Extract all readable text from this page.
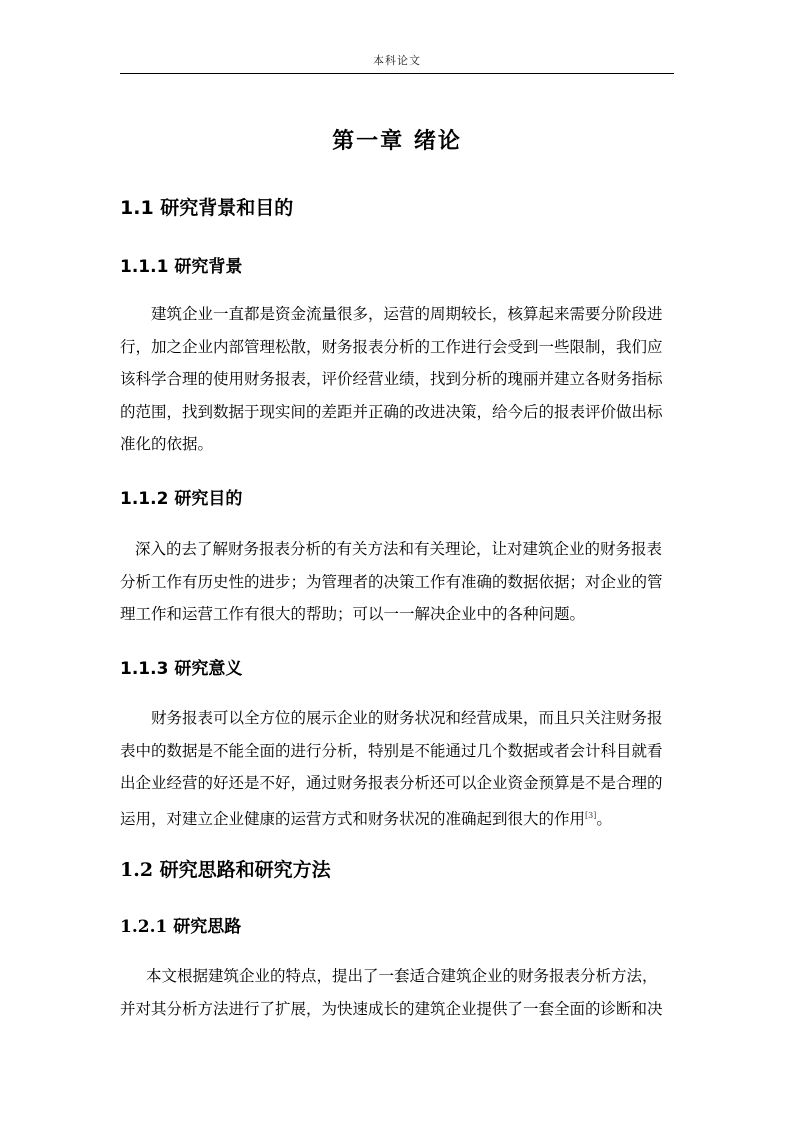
本科论文
第一章 绪论
1.1 研究背景和目的
1.1.1 研究背景
建筑企业一直都是资金流量很多，运营的周期较长，核算起来需要分阶段进
行，加之企业内部管理松散，财务报表分析的工作进行会受到一些限制，我们应
该科学合理的使用财务报表，评价经营业绩，找到分析的瑰丽并建立各财务指标
的范围，找到数据于现实间的差距并正确的改进决策，给今后的报表评价做出标
准化的依据。
1.1.2 研究目的
深入的去了解财务报表分析的有关方法和有关理论，让对建筑企业的财务报表
分析工作有历史性的进步；为管理者的决策工作有准确的数据依据；对企业的管
理工作和运营工作有很大的帮助；可以一一解决企业中的各种问题。
1.1.3 研究意义
财务报表可以全方位的展示企业的财务状况和经营成果，而且只关注财务报
表中的数据是不能全面的进行分析，特别是不能通过几个数据或者会计科目就看
出企业经营的好还是不好，通过财务报表分析还可以企业资金预算是不是合理的
运用，对建立企业健康的运营方式和财务状况的准确起到很大的作用[3]。
1.2 研究思路和研究方法
1.2.1 研究思路
本文根据建筑企业的特点，提出了一套适合建筑企业的财务报表分析方法，
并对其分析方法进行了扩展，为快速成长的建筑企业提供了一套全面的诊断和决
